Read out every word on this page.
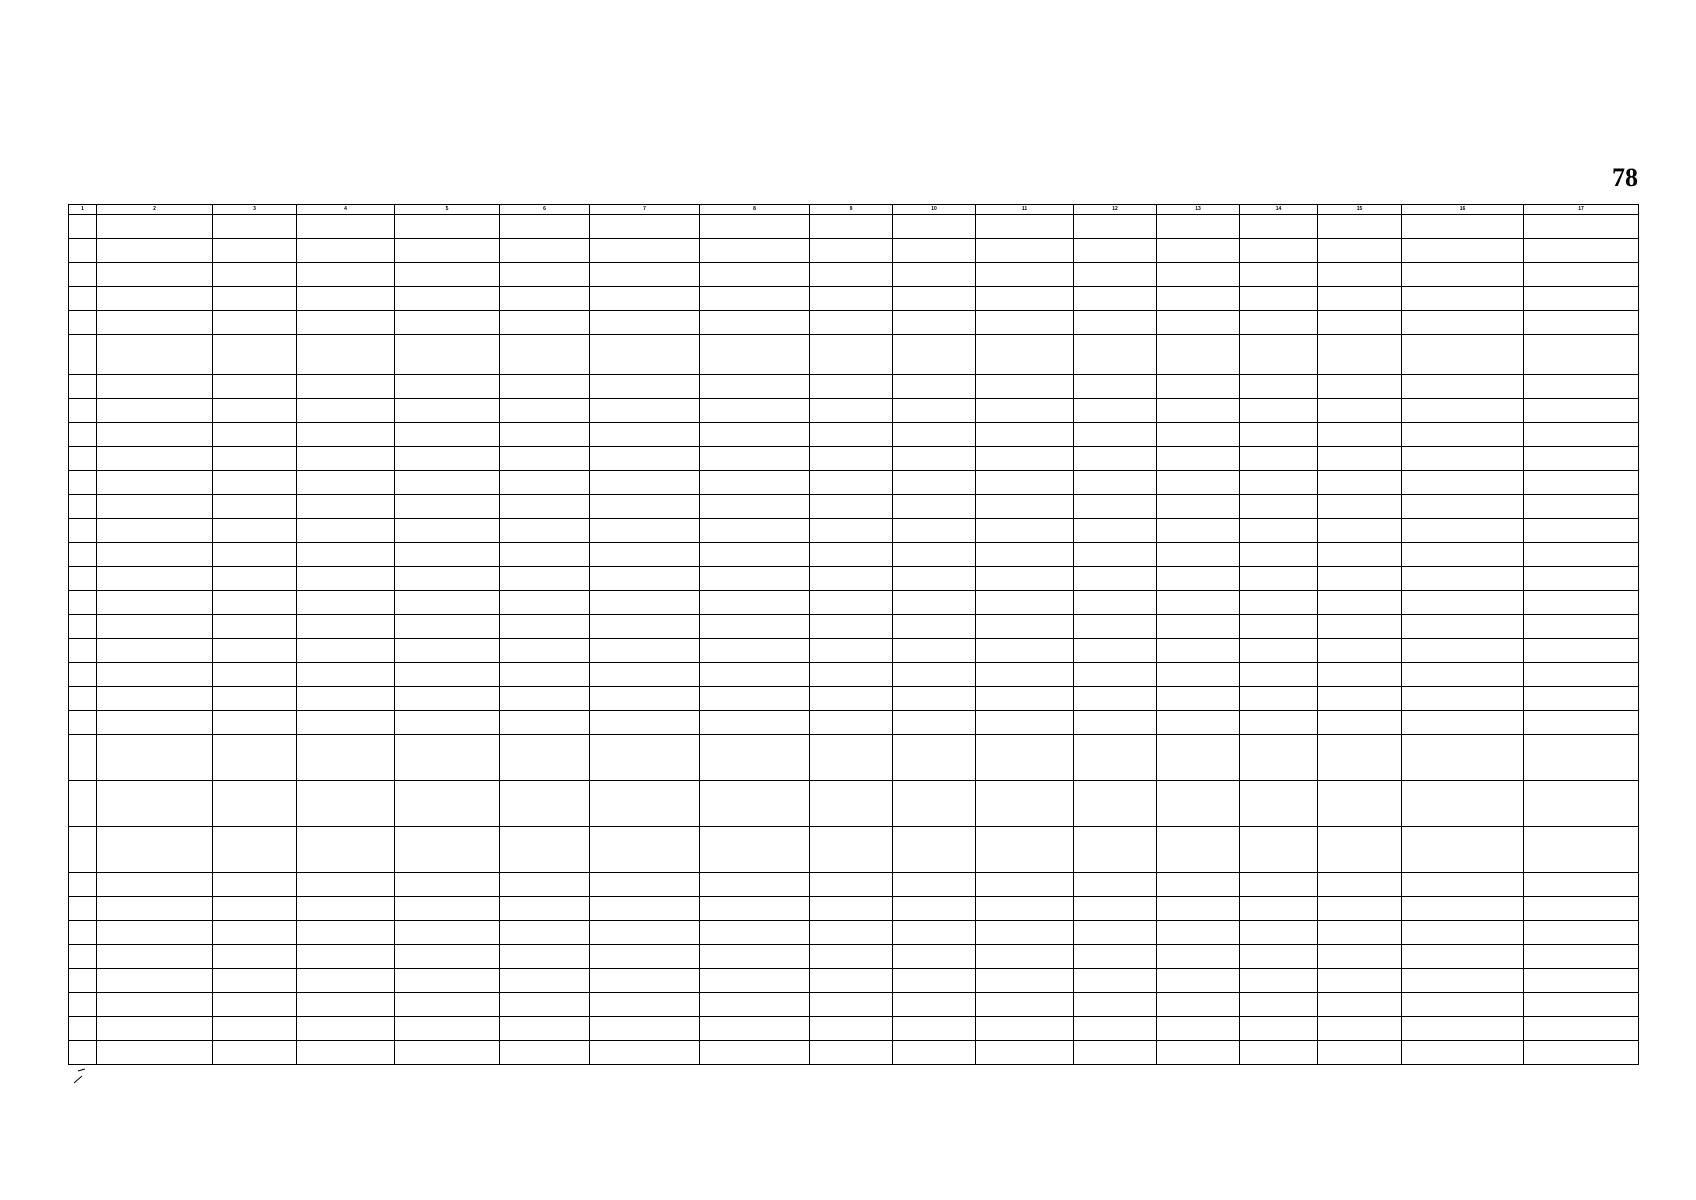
78
1	2	3	4	5	6	7	8	9	10	11	12	13	14	15	16	17
